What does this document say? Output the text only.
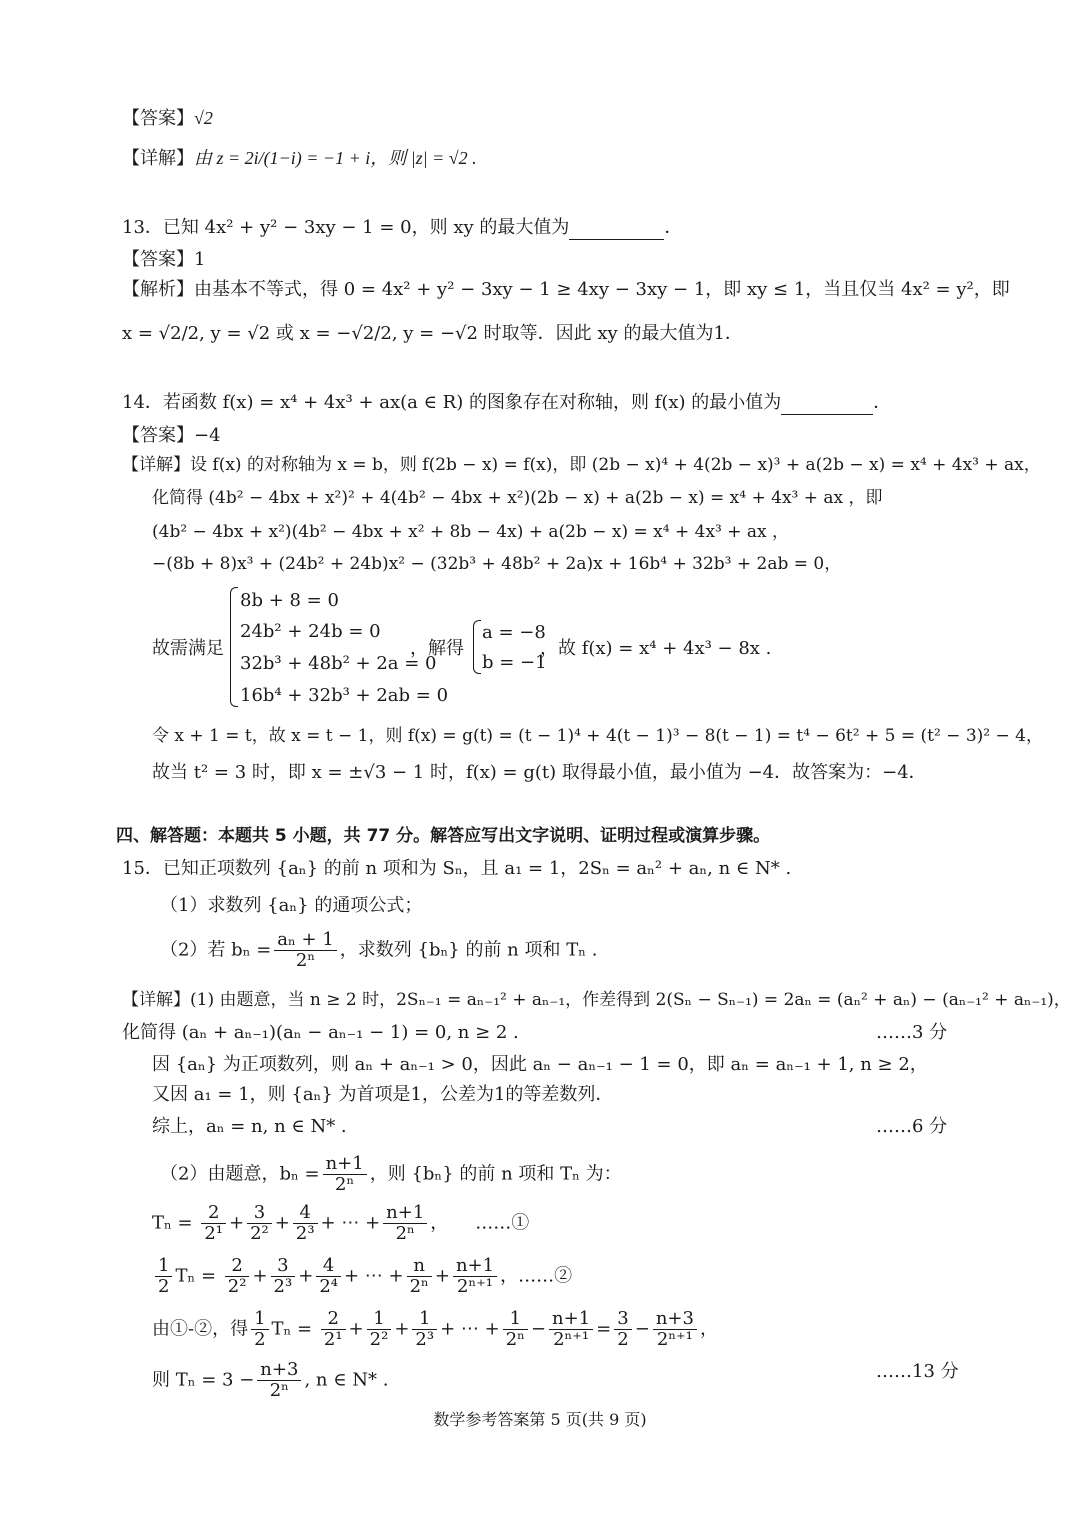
【答案】√2
【详解】由 z = 2i/(1−i) = −1 + i，则 |z| = √2 .
13．已知 4x² + y² − 3xy − 1 = 0，则 xy 的最大值为	．
【答案】1
【解析】由基本不等式，得 0 = 4x² + y² − 3xy − 1 ≥ 4xy − 3xy − 1，即 xy ≤ 1，当且仅当 4x² = y²，即
x = √2/2, y = √2 或 x = −√2/2, y = −√2 时取等．因此 xy 的最大值为1．
14．若函数 f(x) = x⁴ + 4x³ + ax(a ∈ R) 的图象存在对称轴，则 f(x) 的最小值为	．
【答案】−4
【详解】设 f(x) 的对称轴为 x = b，则 f(2b − x) = f(x)，即 (2b − x)⁴ + 4(2b − x)³ + a(2b − x) = x⁴ + 4x³ + ax，
化简得 (4b² − 4bx + x²)² + 4(4b² − 4bx + x²)(2b − x) + a(2b − x) = x⁴ + 4x³ + ax ，即
(4b² − 4bx + x²)(4b² − 4bx + x² + 8b − 4x) + a(2b − x) = x⁴ + 4x³ + ax ，
−(8b + 8)x³ + (24b² + 24b)x² − (32b³ + 48b² + 2a)x + 16b⁴ + 32b³ + 2ab = 0，
故需满足
8b + 8 = 0
24b² + 24b = 0
32b³ + 48b² + 2a = 0
16b⁴ + 32b³ + 2ab = 0
，解得
a = −8
b = −1
，故 f(x) = x⁴ + 4x³ − 8x .
令 x + 1 = t，故 x = t − 1，则 f(x) = g(t) = (t − 1)⁴ + 4(t − 1)³ − 8(t − 1) = t⁴ − 6t² + 5 = (t² − 3)² − 4，
故当 t² = 3 时，即 x = ±√3 − 1 时，f(x) = g(t) 取得最小值，最小值为 −4．故答案为：−4．
四、解答题：本题共 5 小题，共 77 分。解答应写出文字说明、证明过程或演算步骤。
15．已知正项数列 {aₙ} 的前 n 项和为 Sₙ，且 a₁ = 1，2Sₙ = aₙ² + aₙ, n ∈ N* .
（1）求数列 {aₙ} 的通项公式；
（2）若 $b_n = \frac{\text{aₙ + 1}}{\text{2ⁿ}}$ ，求数列 {bₙ} 的前 n 项和 Tₙ .
【详解】(1) 由题意，当 n ≥ 2 时，2Sₙ₋₁ = aₙ₋₁² + aₙ₋₁，作差得到 2(Sₙ − Sₙ₋₁) = 2aₙ = (aₙ² + aₙ) − (aₙ₋₁² + aₙ₋₁)，
化简得 (aₙ + aₙ₋₁)(aₙ − aₙ₋₁ − 1) = 0, n ≥ 2 .	……3 分
因 {aₙ} 为正项数列，则 aₙ + aₙ₋₁ > 0，因此 aₙ − aₙ₋₁ − 1 = 0，即 aₙ = aₙ₋₁ + 1, n ≥ 2，
又因 a₁ = 1，则 {aₙ} 为首项是1，公差为1的等差数列．
综上，aₙ = n, n ∈ N* .	……6 分
（2）由题意，$b_n = \frac{n+1}{\text{2ⁿ}}$ ，则 {bₙ} 的前 n 项和 Tₙ 为：
$T_n = \frac{2}{\text{2¹}} + \frac{3}{\text{2²}} + \frac{4}{\text{2³}}$ + ⋯ + $\frac{n+1}{\text{2ⁿ}}$ ，　　……①
$\frac{1}{2}$ $T_n = \frac{2}{\text{2²}} + \frac{3}{\text{2³}} + \frac{4}{\text{2⁴}}$ + ⋯ + $\frac{n}{\text{2ⁿ}} + \frac{n+1}{\text{2ⁿ⁺¹}}$ ，……②
由①-②，得 $\frac{1}{2}$ $T_n = \frac{2}{\text{2¹}} + \frac{1}{\text{2²}} + \frac{1}{\text{2³}}$ + ⋯ + $\frac{1}{\text{2ⁿ}} - \frac{n+1}{\text{2ⁿ⁺¹}} = \frac{3}{2} - \frac{n+3}{\text{2ⁿ⁺¹}}$ ，
则 $T_n = 3 - \frac{n+3}{\text{2ⁿ}}$ , n ∈ N* .	……13 分
数学参考答案第 5 页(共 9 页)
